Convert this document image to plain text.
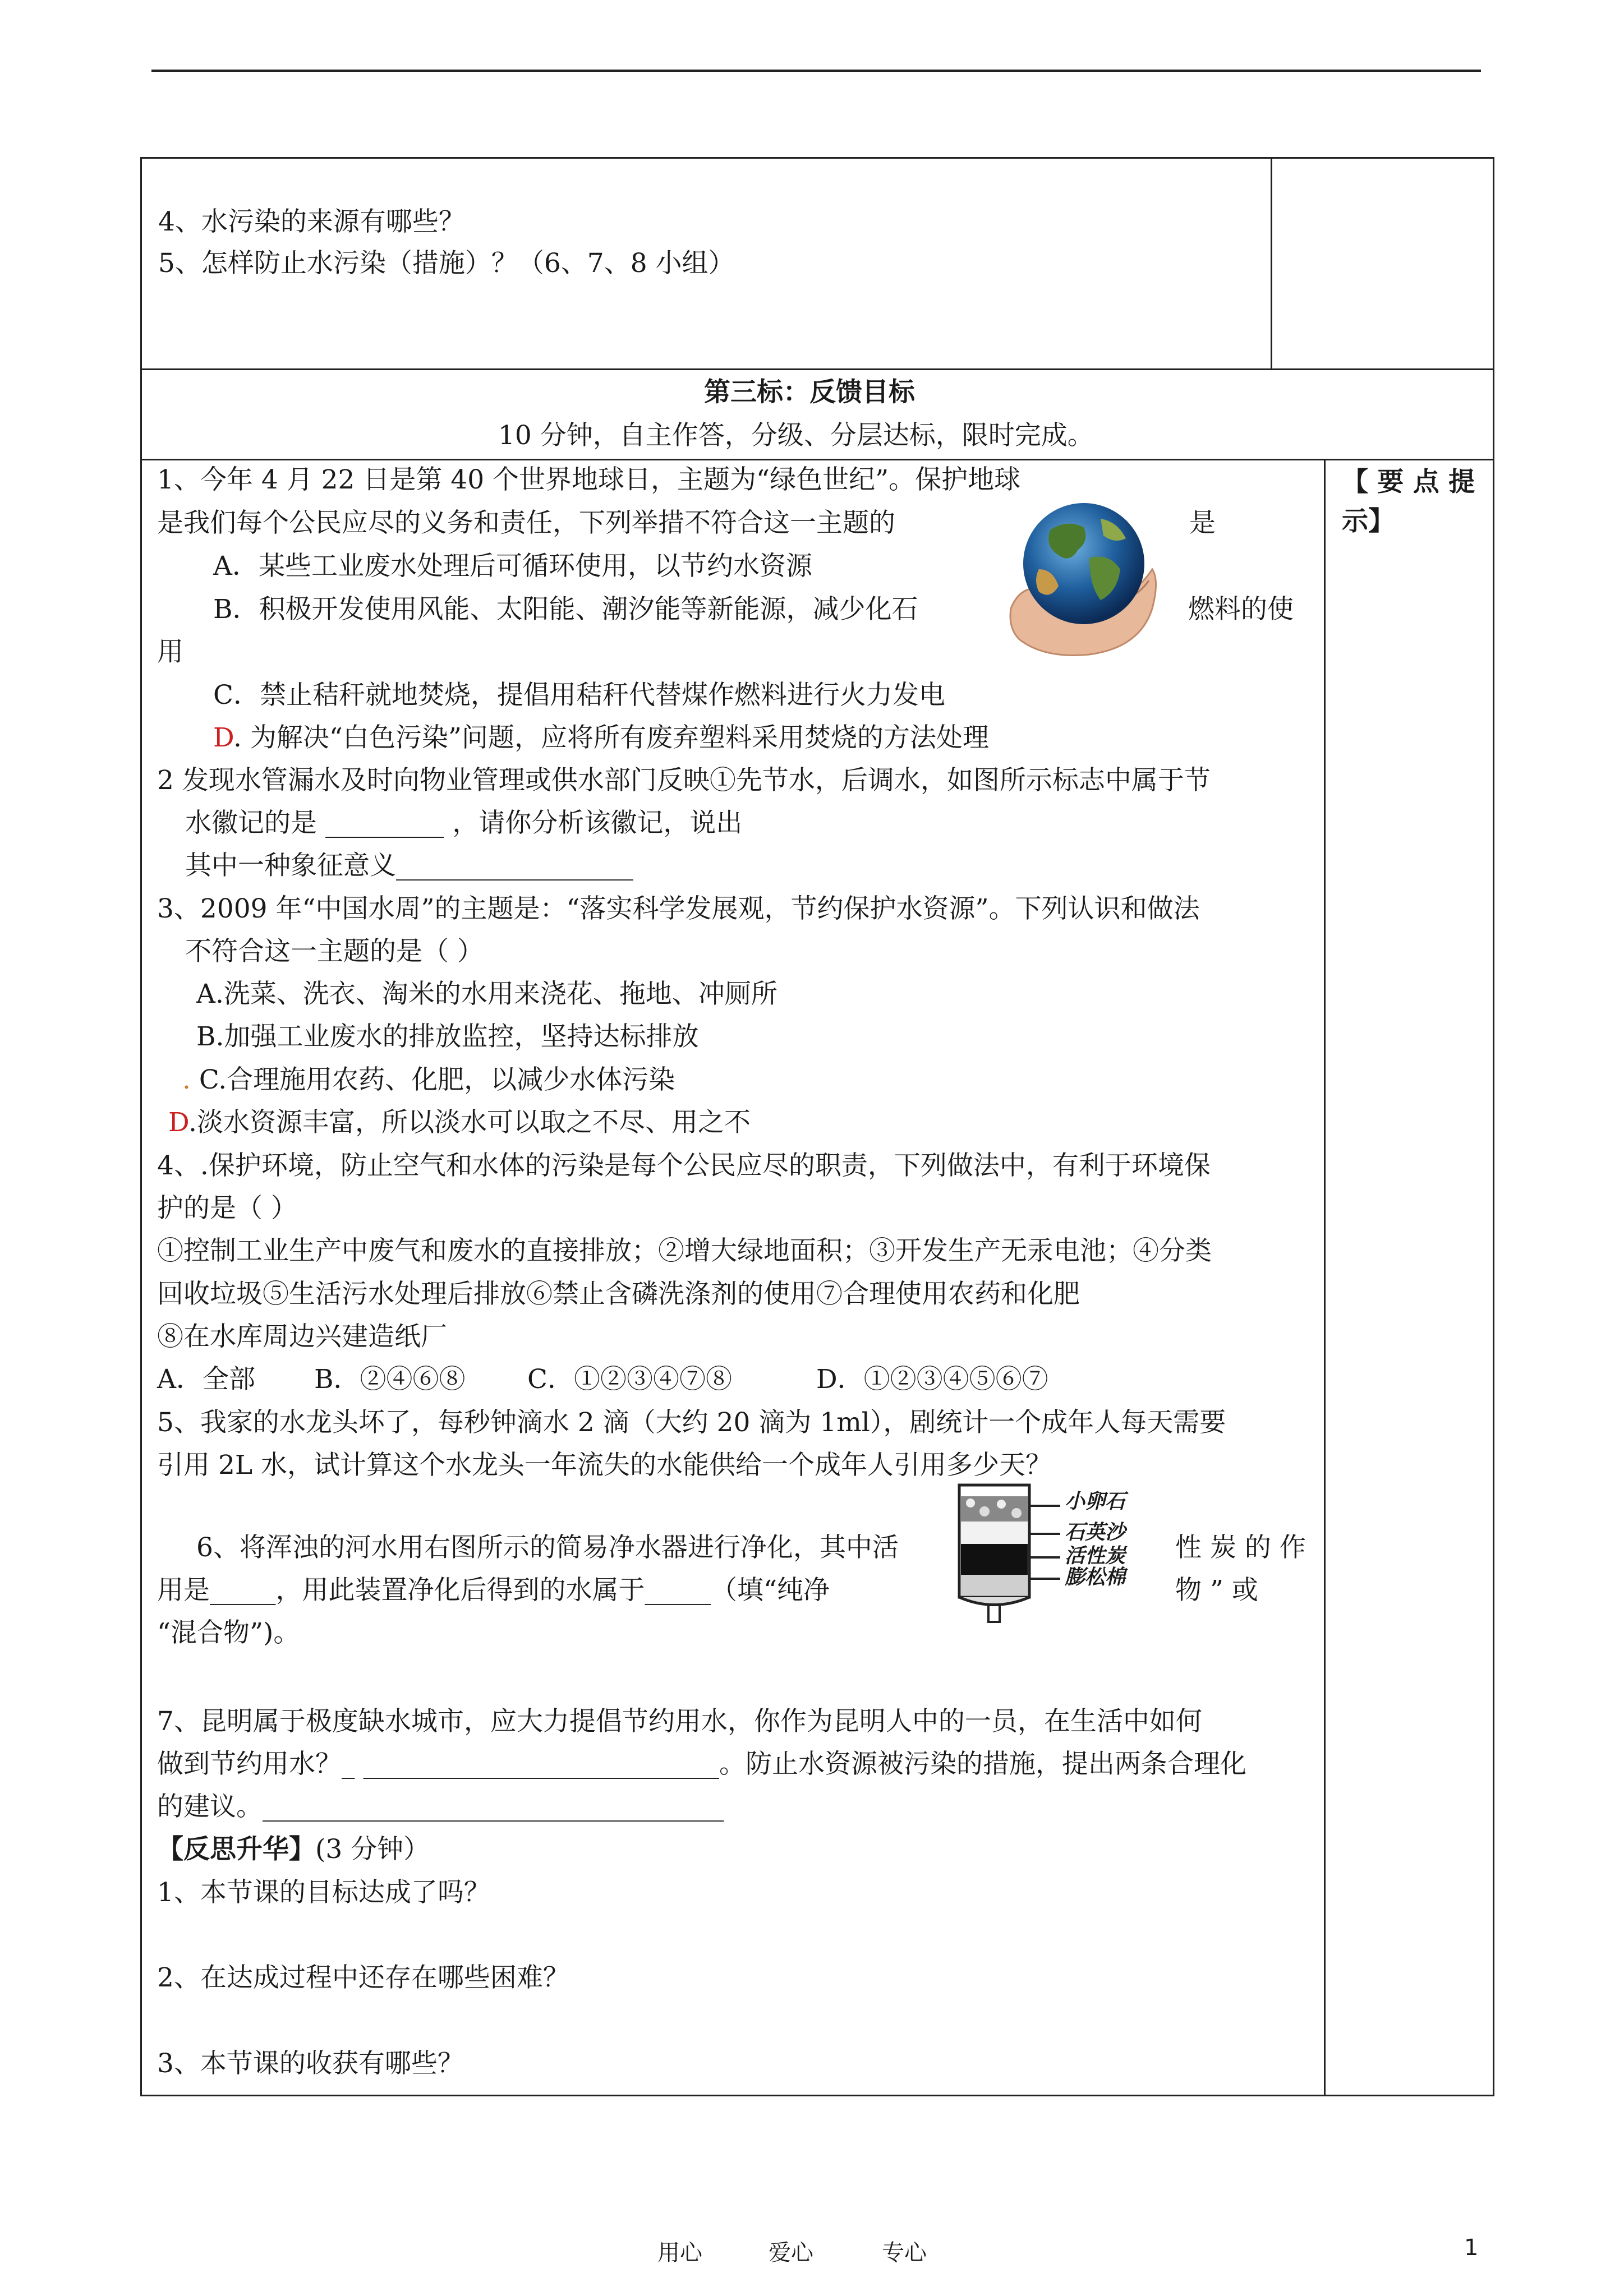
4、水污染的来源有哪些？
5、怎样防止水污染（措施）？（6、7、8 小组）
第三标：反馈目标
10 分钟，自主作答，分级、分层达标，限时完成。
【 要 点 提
示】
1、今年 4 月 22 日是第 40 个世界地球日，主题为“绿色世纪”。保护地球
是我们每个公民应尽的义务和责任，下列举措不符合这一主题的	是
A．某些工业废水处理后可循环使用，以节约水资源
B．积极开发使用风能、太阳能、潮汐能等新能源，减少化石	燃料的使
用
C．禁止秸秆就地焚烧，提倡用秸秆代替煤作燃料进行火力发电
D. 为解决“白色污染”问题，应将所有废弃塑料采用焚烧的方法处理
2 发现水管漏水及时向物业管理或供水部门反映①先节水，后调水，如图所示标志中属于节
水徽记的是 _________ ，请你分析该徽记，说出
其中一种象征意义__________________
3、2009 年“中国水周”的主题是：“落实科学发展观，节约保护水资源”。下列认识和做法
不符合这一主题的是（ ）
A.洗菜、洗衣、淘米的水用来浇花、拖地、冲厕所
B.加强工业废水的排放监控，坚持达标排放
. C.合理施用农药、化肥，以减少水体污染
D.淡水资源丰富，所以淡水可以取之不尽、用之不
4、.保护环境，防止空气和水体的污染是每个公民应尽的职责，下列做法中，有利于环境保
护的是（ ）
①控制工业生产中废气和废水的直接排放；②增大绿地面积；③开发生产无汞电池；④分类
回收垃圾⑤生活污水处理后排放⑥禁止含磷洗涤剂的使用⑦合理使用农药和化肥
⑧在水库周边兴建造纸厂
A．全部 B．②④⑥⑧ C．①②③④⑦⑧	D．①②③④⑤⑥⑦
5、我家的水龙头坏了，每秒钟滴水 2 滴（大约 20 滴为 1ml），剧统计一个成年人每天需要
引用 2L 水，试计算这个水龙头一年流失的水能供给一个成年人引用多少天？
6、将浑浊的河水用右图所示的简易净水器进行净化，其中活	性 炭 的 作
用是_____，用此装置净化后得到的水属于_____（填“纯净	物 ” 或
“混合物”)。
小卵石
石英沙
活性炭
膨松棉
7、昆明属于极度缺水城市，应大力提倡节约用水，你作为昆明人中的一员，在生活中如何
做到节约用水？_ ___________________________。防止水资源被污染的措施，提出两条合理化
的建议。___________________________________
【反思升华】(3 分钟）
1、本节课的目标达成了吗？
2、在达成过程中还存在哪些困难？
3、本节课的收获有哪些？
用心	爱心	专心	1
